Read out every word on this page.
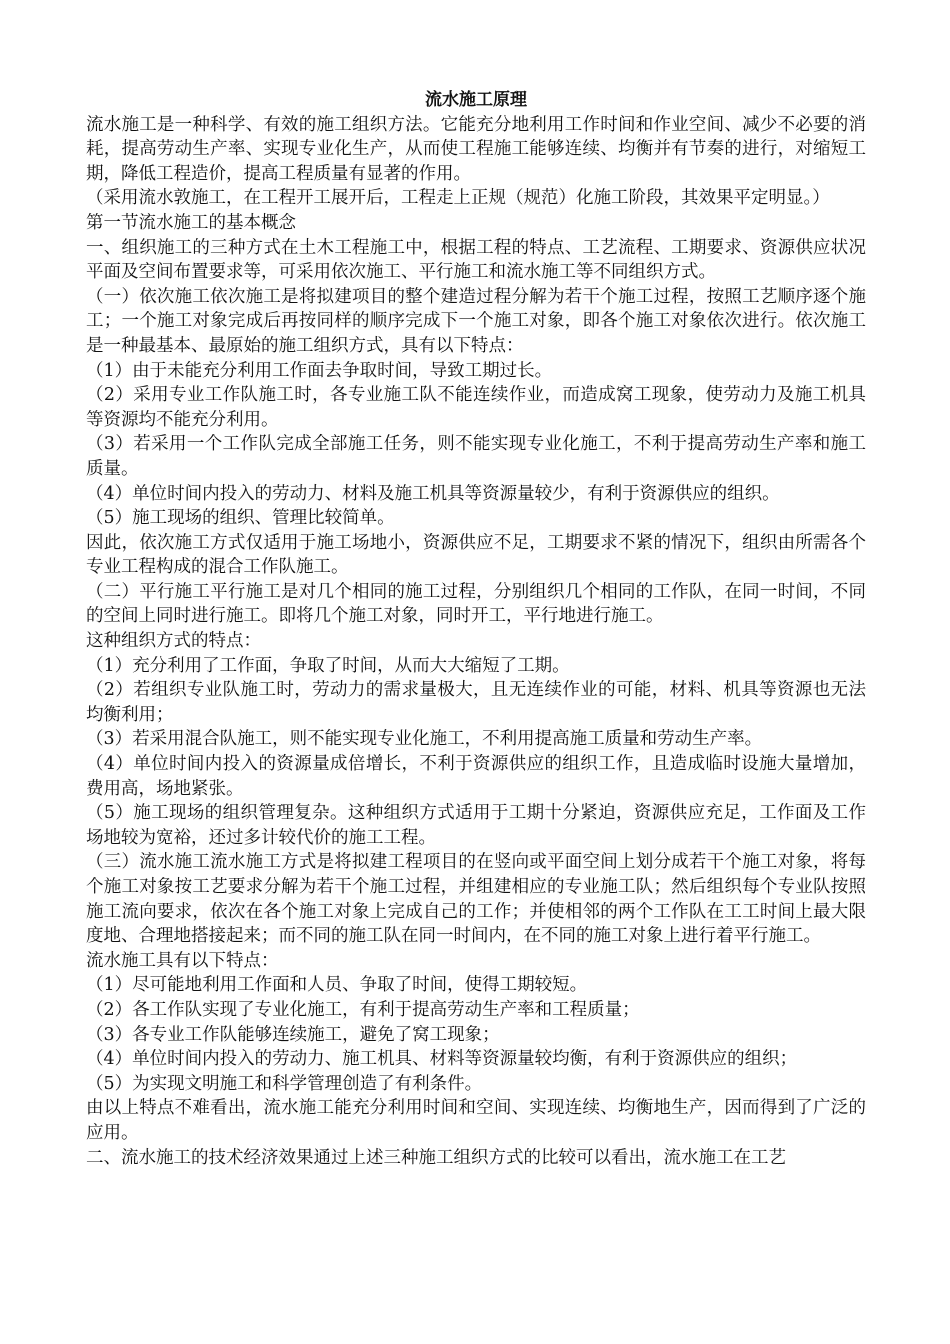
流水施工原理

流水施工是一种科学、有效的施工组织方法。它能充分地利用工作时间和作业空间、减少不必要的消耗，提高劳动生产率、实现专业化生产，从而使工程施工能够连续、均衡并有节奏的进行，对缩短工期，降低工程造价，提高工程质量有显著的作用。

（采用流水敦施工，在工程开工展开后，工程走上正规（规范）化施工阶段，其效果平定明显。）

第一节流水施工的基本概念

一、组织施工的三种方式在土木工程施工中，根据工程的特点、工艺流程、工期要求、资源供应状况平面及空间布置要求等，可采用依次施工、平行施工和流水施工等不同组织方式。

（一）依次施工依次施工是将拟建项目的整个建造过程分解为若干个施工过程，按照工艺顺序逐个施工；一个施工对象完成后再按同样的顺序完成下一个施工对象，即各个施工对象依次进行。依次施工是一种最基本、最原始的施工组织方式，具有以下特点：

（1）由于未能充分利用工作面去争取时间，导致工期过长。

（2）采用专业工作队施工时，各专业施工队不能连续作业，而造成窝工现象，使劳动力及施工机具等资源均不能充分利用。

（3）若采用一个工作队完成全部施工任务，则不能实现专业化施工，不利于提高劳动生产率和施工质量。

（4）单位时间内投入的劳动力、材料及施工机具等资源量较少，有利于资源供应的组织。

（5）施工现场的组织、管理比较简单。

因此，依次施工方式仅适用于施工场地小，资源供应不足，工期要求不紧的情况下，组织由所需各个专业工程构成的混合工作队施工。

（二）平行施工平行施工是对几个相同的施工过程，分别组织几个相同的工作队，在同一时间，不同的空间上同时进行施工。即将几个施工对象，同时开工，平行地进行施工。

这种组织方式的特点：

（1）充分利用了工作面，争取了时间，从而大大缩短了工期。

（2）若组织专业队施工时，劳动力的需求量极大，且无连续作业的可能，材料、机具等资源也无法均衡利用；

（3）若采用混合队施工，则不能实现专业化施工，不利用提高施工质量和劳动生产率。

（4）单位时间内投入的资源量成倍增长，不利于资源供应的组织工作，且造成临时设施大量增加，费用高，场地紧张。

（5）施工现场的组织管理复杂。这种组织方式适用于工期十分紧迫，资源供应充足，工作面及工作场地较为宽裕，还过多计较代价的施工工程。

（三）流水施工流水施工方式是将拟建工程项目的在竖向或平面空间上划分成若干个施工对象，将每个施工对象按工艺要求分解为若干个施工过程，并组建相应的专业施工队；然后组织每个专业队按照施工流向要求，依次在各个施工对象上完成自己的工作；并使相邻的两个工作队在工工时间上最大限度地、合理地搭接起来；而不同的施工队在同一时间内，在不同的施工对象上进行着平行施工。

流水施工具有以下特点：

（1）尽可能地利用工作面和人员、争取了时间，使得工期较短。

（2）各工作队实现了专业化施工，有利于提高劳动生产率和工程质量；

（3）各专业工作队能够连续施工，避免了窝工现象；

（4）单位时间内投入的劳动力、施工机具、材料等资源量较均衡，有利于资源供应的组织；

（5）为实现文明施工和科学管理创造了有利条件。

由以上特点不难看出，流水施工能充分利用时间和空间、实现连续、均衡地生产，因而得到了广泛的应用。

二、流水施工的技术经济效果通过上述三种施工组织方式的比较可以看出，流水施工在工艺
